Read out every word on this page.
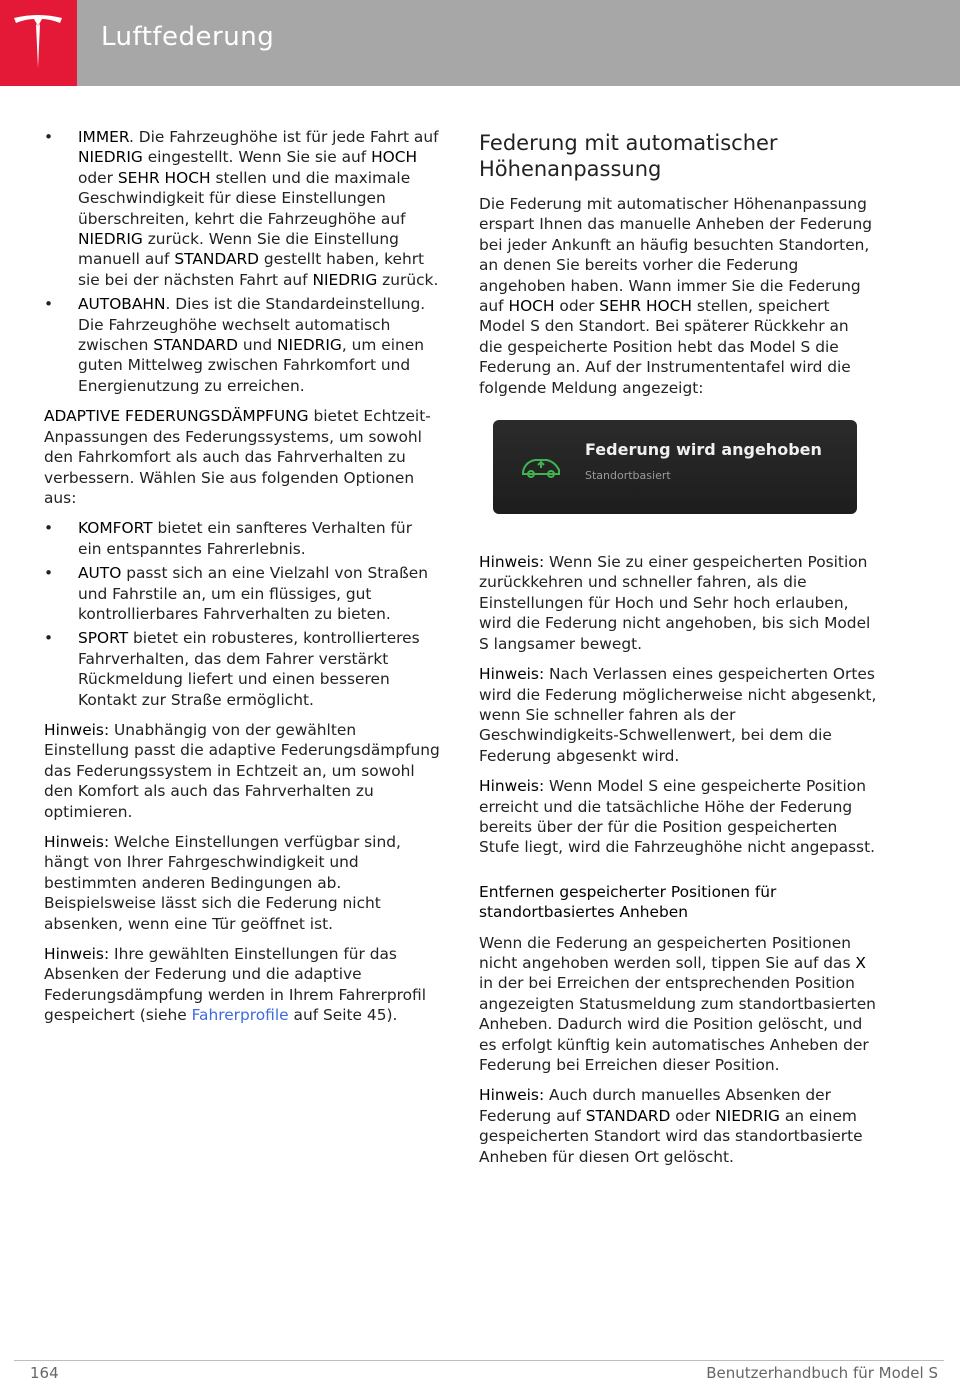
Luftfederung
• IMMER. Die Fahrzeughöhe ist für jede Fahrt auf NIEDRIG eingestellt. Wenn Sie sie auf HOCH oder SEHR HOCH stellen und die maximale Geschwindigkeit für diese Einstellungen überschreiten, kehrt die Fahrzeughöhe auf NIEDRIG zurück. Wenn Sie die Einstellung manuell auf STANDARD gestellt haben, kehrt sie bei der nächsten Fahrt auf NIEDRIG zurück.
• AUTOBAHN. Dies ist die Standardeinstellung. Die Fahrzeughöhe wechselt automatisch zwischen STANDARD und NIEDRIG, um einen guten Mittelweg zwischen Fahrkomfort und Energienutzung zu erreichen.

ADAPTIVE FEDERUNGSDÄMPFUNG bietet Echtzeit-Anpassungen des Federungssystems, um sowohl den Fahrkomfort als auch das Fahrverhalten zu verbessern. Wählen Sie aus folgenden Optionen aus:

• KOMFORT bietet ein sanfteres Verhalten für ein entspanntes Fahrerlebnis.
• AUTO passt sich an eine Vielzahl von Straßen und Fahrstile an, um ein flüssiges, gut kontrollierbares Fahrverhalten zu bieten.
• SPORT bietet ein robusteres, kontrollierteres Fahrverhalten, das dem Fahrer verstärkt Rückmeldung liefert und einen besseren Kontakt zur Straße ermöglicht.

Hinweis: Unabhängig von der gewählten Einstellung passt die adaptive Federungsdämpfung das Federungssystem in Echtzeit an, um sowohl den Komfort als auch das Fahrverhalten zu optimieren.

Hinweis: Welche Einstellungen verfügbar sind, hängt von Ihrer Fahrgeschwindigkeit und bestimmten anderen Bedingungen ab. Beispielsweise lässt sich die Federung nicht absenken, wenn eine Tür geöffnet ist.

Hinweis: Ihre gewählten Einstellungen für das Absenken der Federung und die adaptive Federungsdämpfung werden in Ihrem Fahrerprofil gespeichert (siehe Fahrerprofile auf Seite 45).

Federung mit automatischer Höhenanpassung

Die Federung mit automatischer Höhenanpassung erspart Ihnen das manuelle Anheben der Federung bei jeder Ankunft an häufig besuchten Standorten, an denen Sie bereits vorher die Federung angehoben haben. Wann immer Sie die Federung auf HOCH oder SEHR HOCH stellen, speichert Model S den Standort. Bei späterer Rückkehr an die gespeicherte Position hebt das Model S die Federung an. Auf der Instrumententafel wird die folgende Meldung angezeigt:

Federung wird angehoben
Standortbasiert

Hinweis: Wenn Sie zu einer gespeicherten Position zurückkehren und schneller fahren, als die Einstellungen für Hoch und Sehr hoch erlauben, wird die Federung nicht angehoben, bis sich Model S langsamer bewegt.

Hinweis: Nach Verlassen eines gespeicherten Ortes wird die Federung möglicherweise nicht abgesenkt, wenn Sie schneller fahren als der Geschwindigkeits-Schwellenwert, bei dem die Federung abgesenkt wird.

Hinweis: Wenn Model S eine gespeicherte Position erreicht und die tatsächliche Höhe der Federung bereits über der für die Position gespeicherten Stufe liegt, wird die Fahrzeughöhe nicht angepasst.

Entfernen gespeicherter Positionen für standortbasiertes Anheben

Wenn die Federung an gespeicherten Positionen nicht angehoben werden soll, tippen Sie auf das X in der bei Erreichen der entsprechenden Position angezeigten Statusmeldung zum standortbasierten Anheben. Dadurch wird die Position gelöscht, und es erfolgt künftig kein automatisches Anheben der Federung bei Erreichen dieser Position.

Hinweis: Auch durch manuelles Absenken der Federung auf STANDARD oder NIEDRIG an einem gespeicherten Standort wird das standortbasierte Anheben für diesen Ort gelöscht.

164	Benutzerhandbuch für Model S
